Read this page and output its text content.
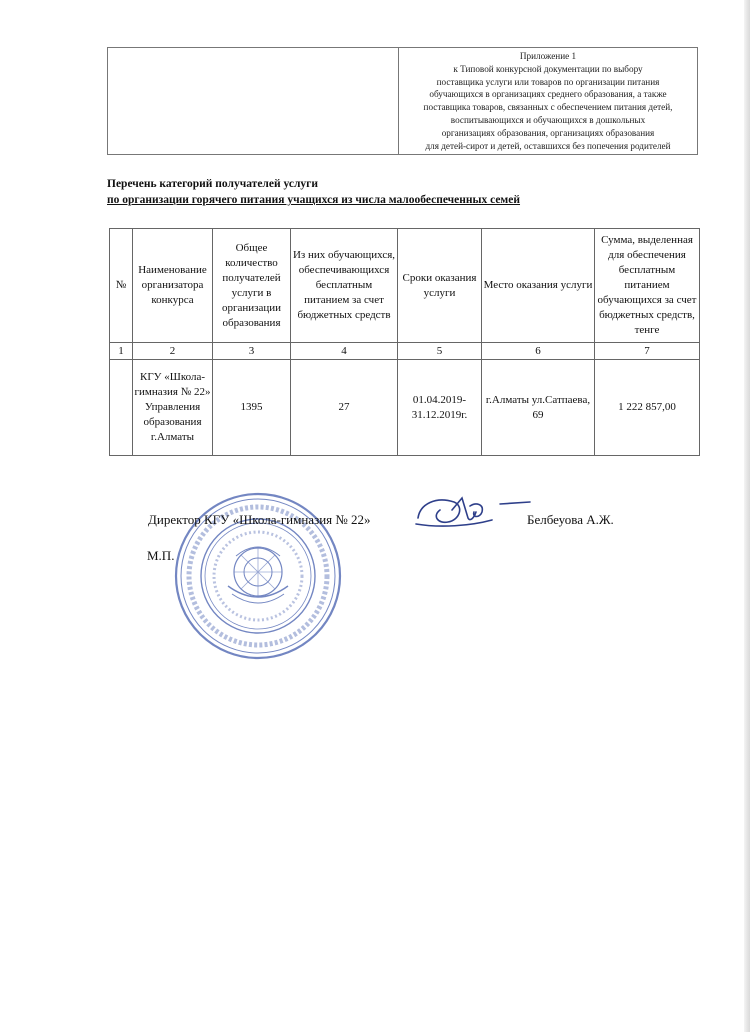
Приложение 1
к Типовой конкурсной документации по выбору
поставщика услуги или товаров по организации питания
обучающихся в организациях среднего образования, а также
поставщика товаров, связанных с обеспечением питания детей,
воспитывающихся и обучающихся в дошкольных
организациях образования, организациях образования
для детей-сирот и детей, оставшихся без попечения родителей
Перечень категорий получателей услуги
по организации горячего питания учащихся из числа малообеспеченных семей
№	Наименование организатора конкурса	Общее количество получателей услуги в организации образования	Из них обучающихся, обеспечивающихся бесплатным питанием за счет бюджетных средств	Сроки оказания услуги	Место оказания услуги	Сумма, выделенная для обеспечения бесплатным питанием обучающихся за счет бюджетных средств, тенге
1	2	3	4	5	6	7
	КГУ «Школа-гимназия № 22» Управления образования г.Алматы	1395	27	01.04.2019-31.12.2019г.	г.Алматы ул.Сатпаева, 69	1 222 857,00
Директор КГУ «Школа-гимназия № 22»	Белбеуова А.Ж.
М.П.
